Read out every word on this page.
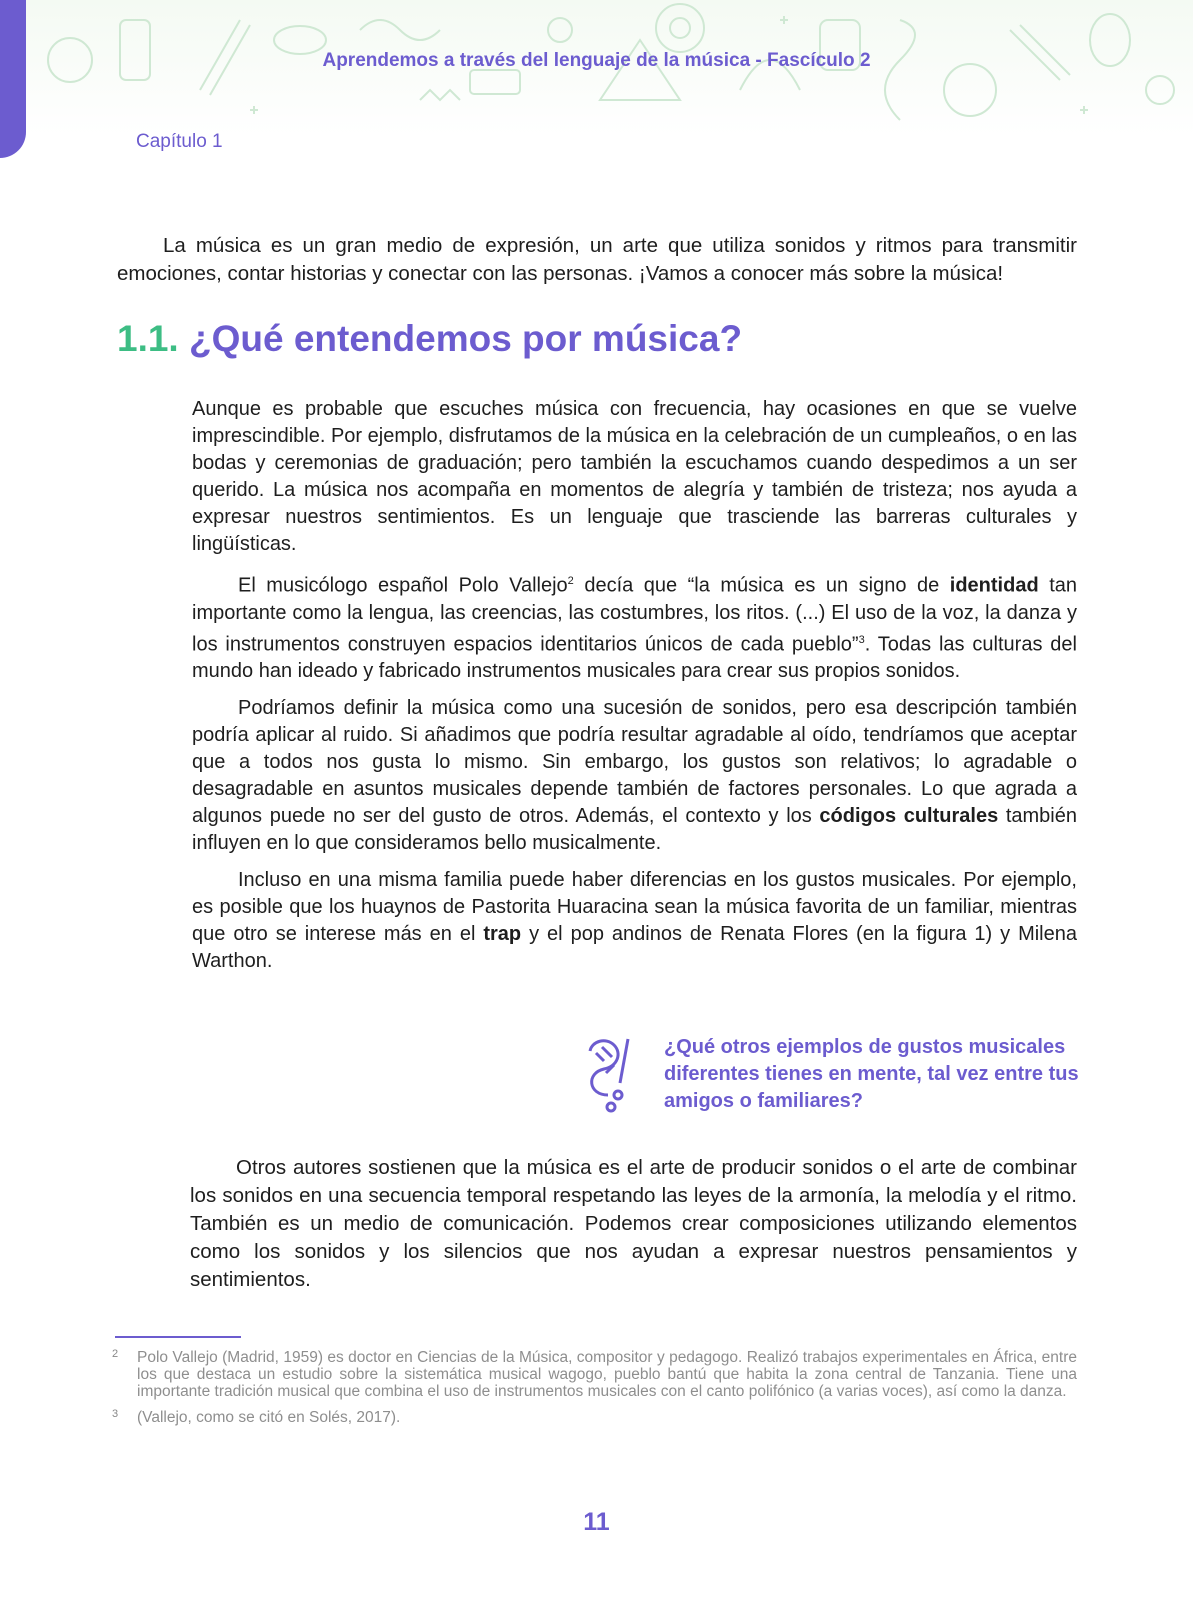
Aprendemos a través del lenguaje de la música - Fascículo 2
Capítulo 1

La música es un gran medio de expresión, un arte que utiliza sonidos y ritmos para transmitir emociones, contar historias y conectar con las personas. ¡Vamos a conocer más sobre la música!

1.1. ¿Qué entendemos por música?

Aunque es probable que escuches música con frecuencia, hay ocasiones en que se vuelve imprescindible. Por ejemplo, disfrutamos de la música en la celebración de un cumpleaños, o en las bodas y ceremonias de graduación; pero también la escuchamos cuando despedimos a un ser querido. La música nos acompaña en momentos de alegría y también de tristeza; nos ayuda a expresar nuestros sentimientos. Es un lenguaje que trasciende las barreras culturales y lingüísticas.

El musicólogo español Polo Vallejo$^2$ decía que “la música es un signo de identidad tan importante como la lengua, las creencias, las costumbres, los ritos. (...) El uso de la voz, la danza y los instrumentos construyen espacios identitarios únicos de cada pueblo”$^3$. Todas las culturas del mundo han ideado y fabricado instrumentos musicales para crear sus propios sonidos.

Podríamos definir la música como una sucesión de sonidos, pero esa descripción también podría aplicar al ruido. Si añadimos que podría resultar agradable al oído, tendríamos que aceptar que a todos nos gusta lo mismo. Sin embargo, los gustos son relativos; lo agradable o desagradable en asuntos musicales depende también de factores personales. Lo que agrada a algunos puede no ser del gusto de otros. Además, el contexto y los códigos culturales también influyen en lo que consideramos bello musicalmente.

Incluso en una misma familia puede haber diferencias en los gustos musicales. Por ejemplo, es posible que los huaynos de Pastorita Huaracina sean la música favorita de un familiar, mientras que otro se interese más en el trap y el pop andinos de Renata Flores (en la figura 1) y Milena Warthon.

¿Qué otros ejemplos de gustos musicales diferentes tienes en mente, tal vez entre tus amigos o familiares?

Otros autores sostienen que la música es el arte de producir sonidos o el arte de combinar los sonidos en una secuencia temporal respetando las leyes de la armonía, la melodía y el ritmo. También es un medio de comunicación. Podemos crear composiciones utilizando elementos como los sonidos y los silencios que nos ayudan a expresar nuestros pensamientos y sentimientos.

2 Polo Vallejo (Madrid, 1959) es doctor en Ciencias de la Música, compositor y pedagogo. Realizó trabajos experimentales en África, entre los que destaca un estudio sobre la sistemática musical wagogo, pueblo bantú que habita la zona central de Tanzania. Tiene una importante tradición musical que combina el uso de instrumentos musicales con el canto polifónico (a varias voces), así como la danza.
3 (Vallejo, como se citó en Solés, 2017).
11
